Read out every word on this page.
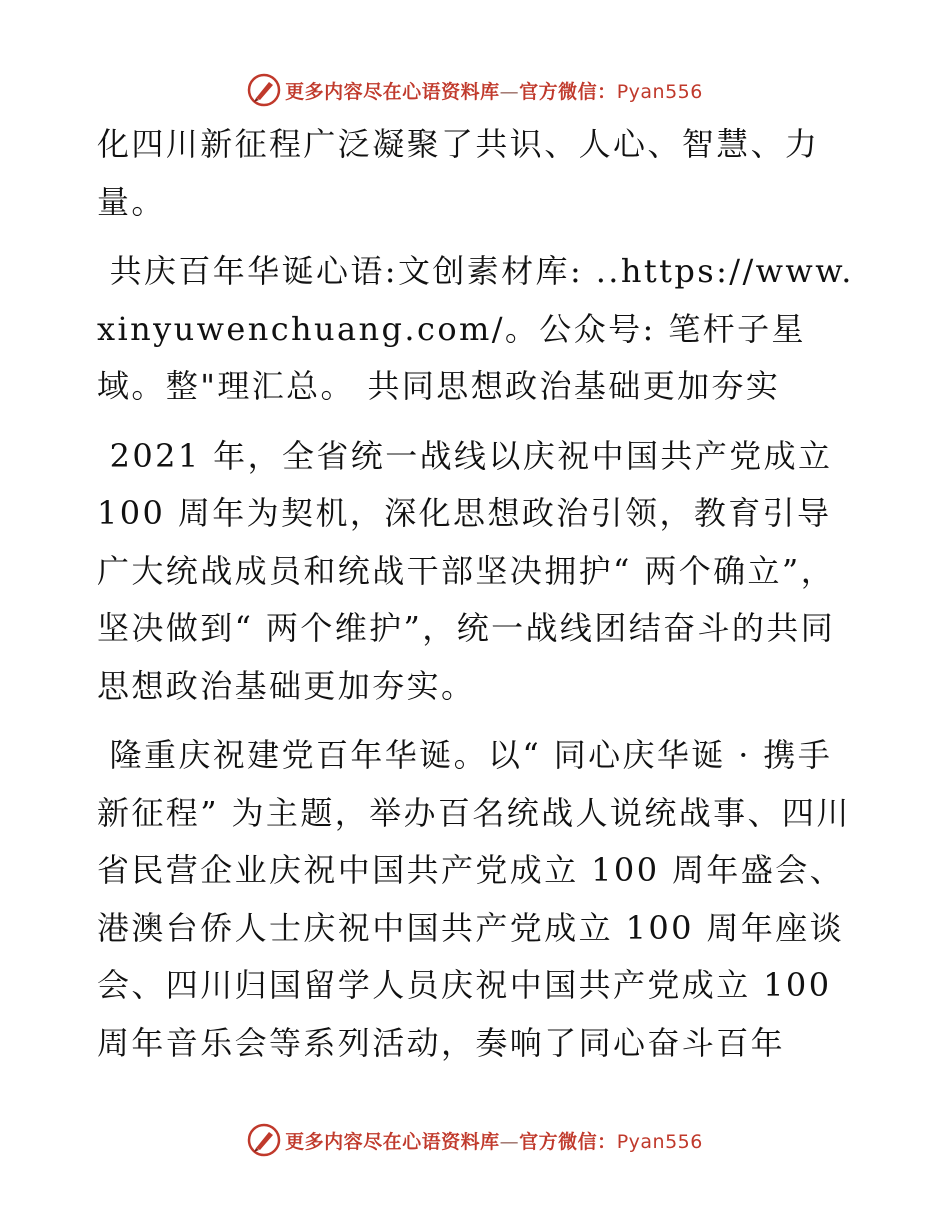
更多内容尽在心语资料库—官方微信：Pyan556

化四川新征程广泛凝聚了共识、人心、智慧、力量。

共庆百年华诞心语:文创素材库: ..https://www.xinyuwenchuang.com/。公众号: 笔杆子星域。整"理汇总。 共同思想政治基础更加夯实

2021 年，全省统一战线以庆祝中国共产党成立 100 周年为契机，深化思想政治引领，教育引导广大统战成员和统战干部坚决拥护“ 两个确立”，坚决做到“ 两个维护”，统一战线团结奋斗的共同思想政治基础更加夯实。

隆重庆祝建党百年华诞。以“ 同心庆华诞 · 携手新征程” 为主题，举办百名统战人说统战事、四川省民营企业庆祝中国共产党成立 100 周年盛会、港澳台侨人士庆祝中国共产党成立 100 周年座谈会、四川归国留学人员庆祝中国共产党成立 100 周年音乐会等系列活动，奏响了同心奋斗百年

更多内容尽在心语资料库—官方微信：Pyan556
